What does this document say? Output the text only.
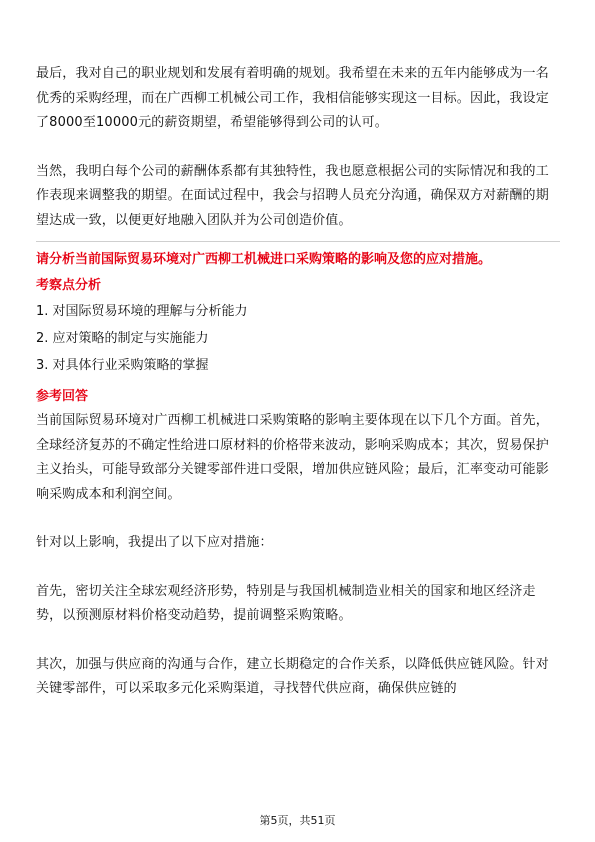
最后，我对自己的职业规划和发展有着明确的规划。我希望在未来的五年内能够成为一名优秀的采购经理，而在广西柳工机械公司工作，我相信能够实现这一目标。因此，我设定了8000至10000元的薪资期望，希望能够得到公司的认可。

当然，我明白每个公司的薪酬体系都有其独特性，我也愿意根据公司的实际情况和我的工作表现来调整我的期望。在面试过程中，我会与招聘人员充分沟通，确保双方对薪酬的期望达成一致，以便更好地融入团队并为公司创造价值。

请分析当前国际贸易环境对广西柳工机械进口采购策略的影响及您的应对措施。
考察点分析
1. 对国际贸易环境的理解与分析能力
2. 应对策略的制定与实施能力
3. 对具体行业采购策略的掌握
参考回答

当前国际贸易环境对广西柳工机械进口采购策略的影响主要体现在以下几个方面。首先，全球经济复苏的不确定性给进口原材料的价格带来波动，影响采购成本；其次，贸易保护主义抬头，可能导致部分关键零部件进口受限，增加供应链风险；最后，汇率变动可能影响采购成本和利润空间。

针对以上影响，我提出了以下应对措施：

首先，密切关注全球宏观经济形势，特别是与我国机械制造业相关的国家和地区经济走势，以预测原材料价格变动趋势，提前调整采购策略。

其次，加强与供应商的沟通与合作，建立长期稳定的合作关系，以降低供应链风险。针对关键零部件，可以采取多元化采购渠道，寻找替代供应商，确保供应链的

第5页，共51页
